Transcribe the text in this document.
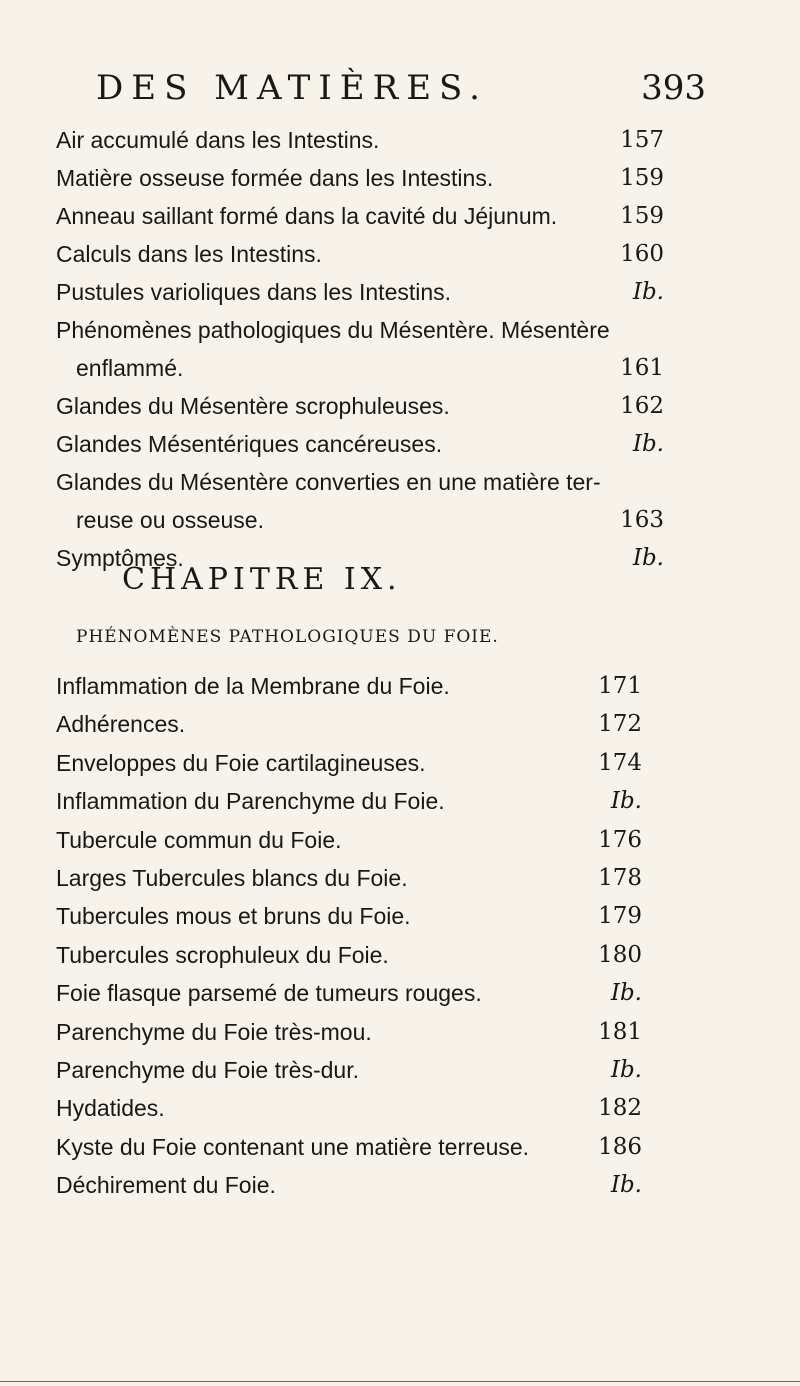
DES MATIÈRES.	393
Air accumulé dans les Intestins.	157
Matière osseuse formée dans les Intestins.	159
Anneau saillant formé dans la cavité du Jéjunum.	159
Calculs dans les Intestins.	160
Pustules varioliques dans les Intestins.	Ib.
Phénomènes pathologiques du Mésentère. Mésentère
enflammé.	161
Glandes du Mésentère scrophuleuses.	162
Glandes Mésentériques cancéreuses.	Ib.
Glandes du Mésentère converties en une matière ter-
reuse ou osseuse.	163
Symptômes.	Ib.
CHAPITRE IX.
PHÉNOMÈNES PATHOLOGIQUES DU FOIE.
Inflammation de la Membrane du Foie.	171
Adhérences.	172
Enveloppes du Foie cartilagineuses.	174
Inflammation du Parenchyme du Foie.	Ib.
Tubercule commun du Foie.	176
Larges Tubercules blancs du Foie.	178
Tubercules mous et bruns du Foie.	179
Tubercules scrophuleux du Foie.	180
Foie flasque parsemé de tumeurs rouges.	Ib.
Parenchyme du Foie très-mou.	181
Parenchyme du Foie très-dur.	Ib.
Hydatides.	182
Kyste du Foie contenant une matière terreuse.	186
Déchirement du Foie.	Ib.
